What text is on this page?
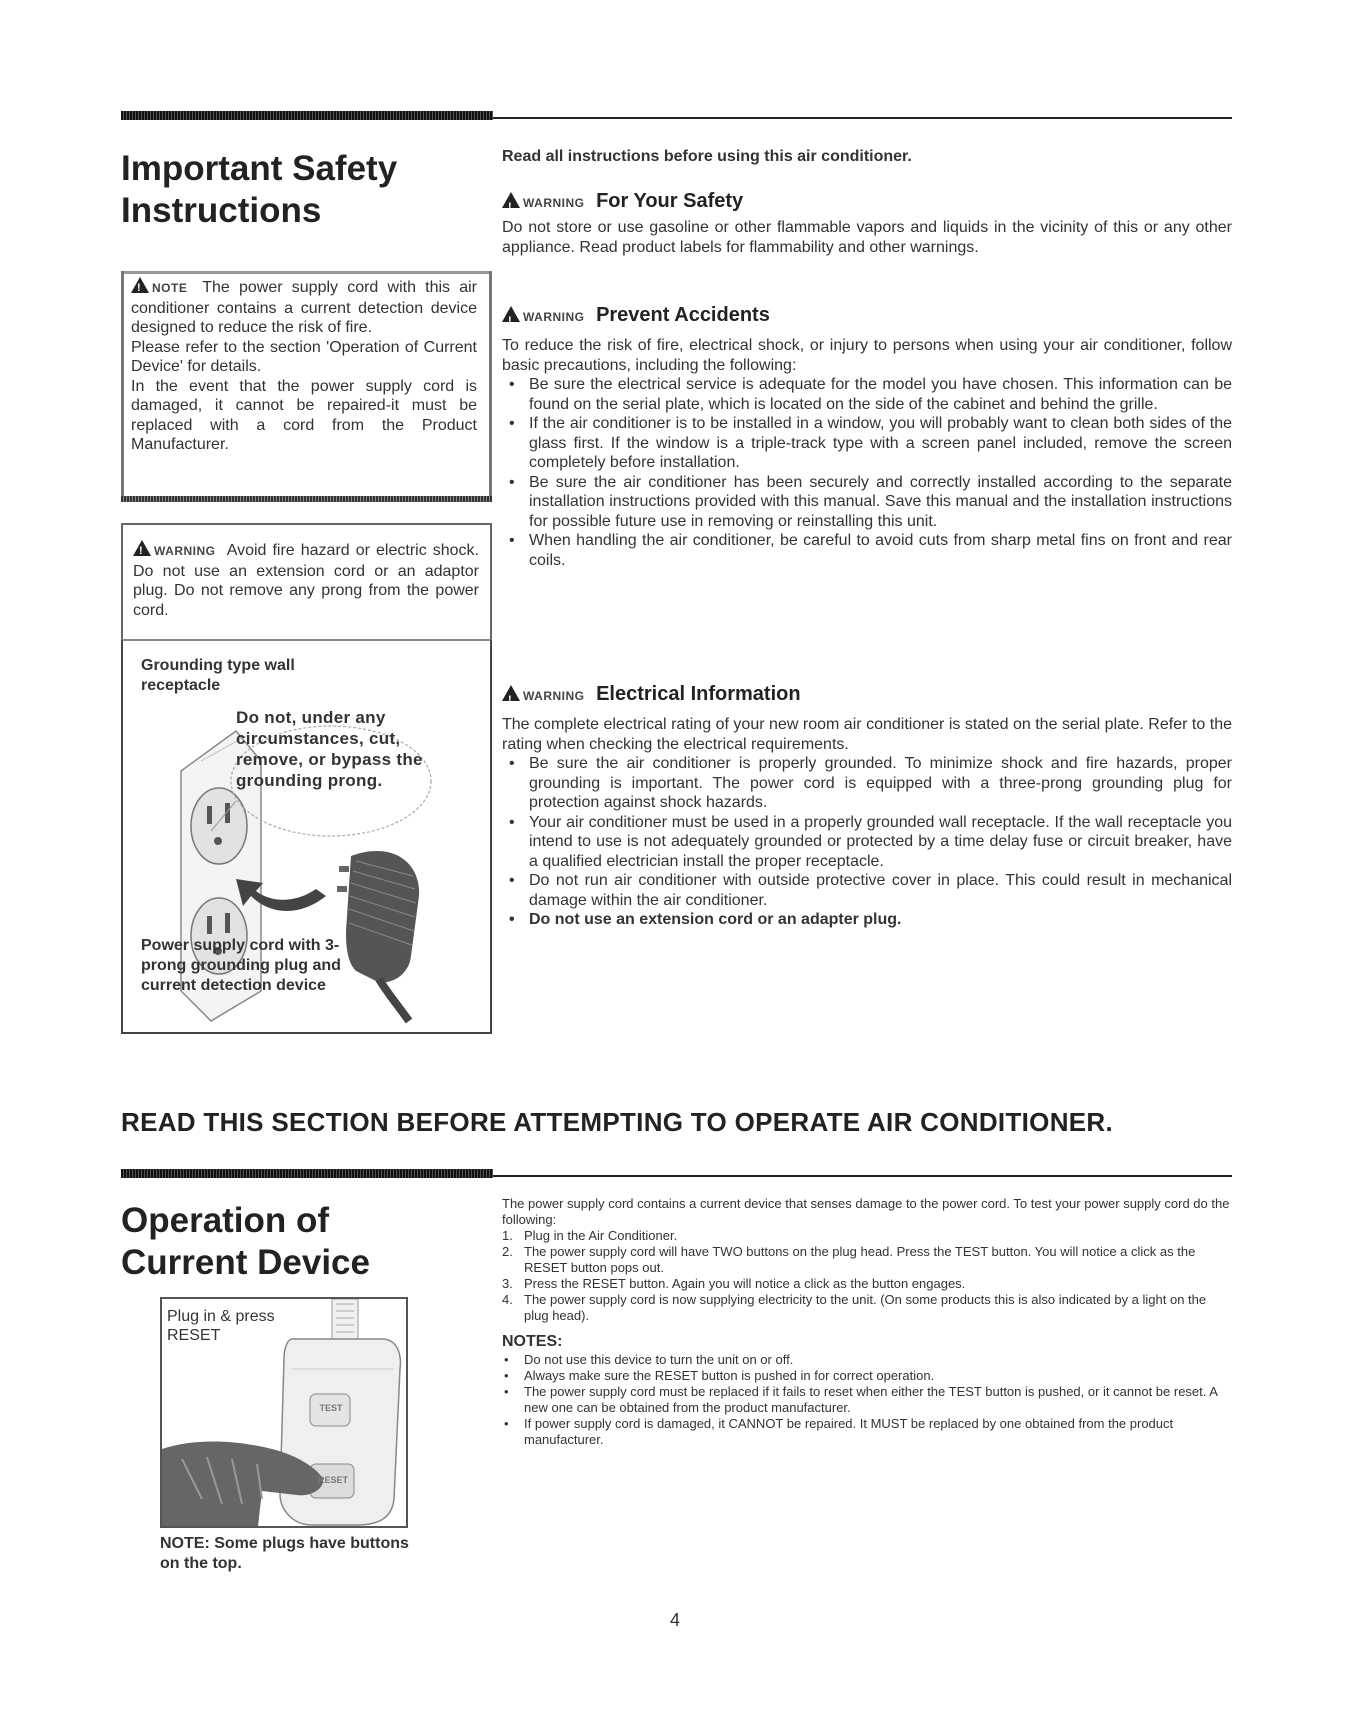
Important Safety Instructions
!NOTE The power supply cord with this air conditioner contains a current detection device designed to reduce the risk of fire.
Please refer to the section 'Operation of Current Device' for details.
In the event that the power supply cord is damaged, it cannot be repaired-it must be replaced with a cord from the Product Manufacturer.
!WARNING Avoid fire hazard or electric shock. Do not use an extension cord or an adaptor plug. Do not remove any prong from the power cord.
Grounding type wall receptacle
Do not, under any circumstances, cut, remove, or bypass the grounding prong.
Power supply cord with 3-prong grounding plug and current detection device
Read all instructions before using this air conditioner.
!WARNING For Your Safety
Do not store or use gasoline or other flammable vapors and liquids in the vicinity of this or any other appliance. Read product labels for flammability and other warnings.
!WARNING Prevent Accidents
To reduce the risk of fire, electrical shock, or injury to persons when using your air conditioner, follow basic precautions, including the following:
• Be sure the electrical service is adequate for the model you have chosen. This information can be found on the serial plate, which is located on the side of the cabinet and behind the grille.
• If the air conditioner is to be installed in a window, you will probably want to clean both sides of the glass first. If the window is a triple-track type with a screen panel included, remove the screen completely before installation.
• Be sure the air conditioner has been securely and correctly installed according to the separate installation instructions provided with this manual. Save this manual and the installation instructions for possible future use in removing or reinstalling this unit.
• When handling the air conditioner, be careful to avoid cuts from sharp metal fins on front and rear coils.
!WARNING Electrical Information
The complete electrical rating of your new room air conditioner is stated on the serial plate. Refer to the rating when checking the electrical requirements.
• Be sure the air conditioner is properly grounded. To minimize shock and fire hazards, proper grounding is important. The power cord is equipped with a three-prong grounding plug for protection against shock hazards.
• Your air conditioner must be used in a properly grounded wall receptacle. If the wall receptacle you intend to use is not adequately grounded or protected by a time delay fuse or circuit breaker, have a qualified electrician install the proper receptacle.
• Do not run air conditioner with outside protective cover in place. This could result in mechanical damage within the air conditioner.
• Do not use an extension cord or an adapter plug.
READ THIS SECTION BEFORE ATTEMPTING TO OPERATE AIR CONDITIONER.
Operation of Current Device
Plug in & press RESET
TEST
RESET
NOTE: Some plugs have buttons on the top.
The power supply cord contains a current device that senses damage to the power cord. To test your power supply cord do the following:
1. Plug in the Air Conditioner.
2. The power supply cord will have TWO buttons on the plug head. Press the TEST button. You will notice a click as the RESET button pops out.
3. Press the RESET button. Again you will notice a click as the button engages.
4. The power supply cord is now supplying electricity to the unit. (On some products this is also indicated by a light on the plug head).
NOTES:
• Do not use this device to turn the unit on or off.
• Always make sure the RESET button is pushed in for correct operation.
• The power supply cord must be replaced if it fails to reset when either the TEST button is pushed, or it cannot be reset. A new one can be obtained from the product manufacturer.
• If power supply cord is damaged, it CANNOT be repaired. It MUST be replaced by one obtained from the product manufacturer.
4
